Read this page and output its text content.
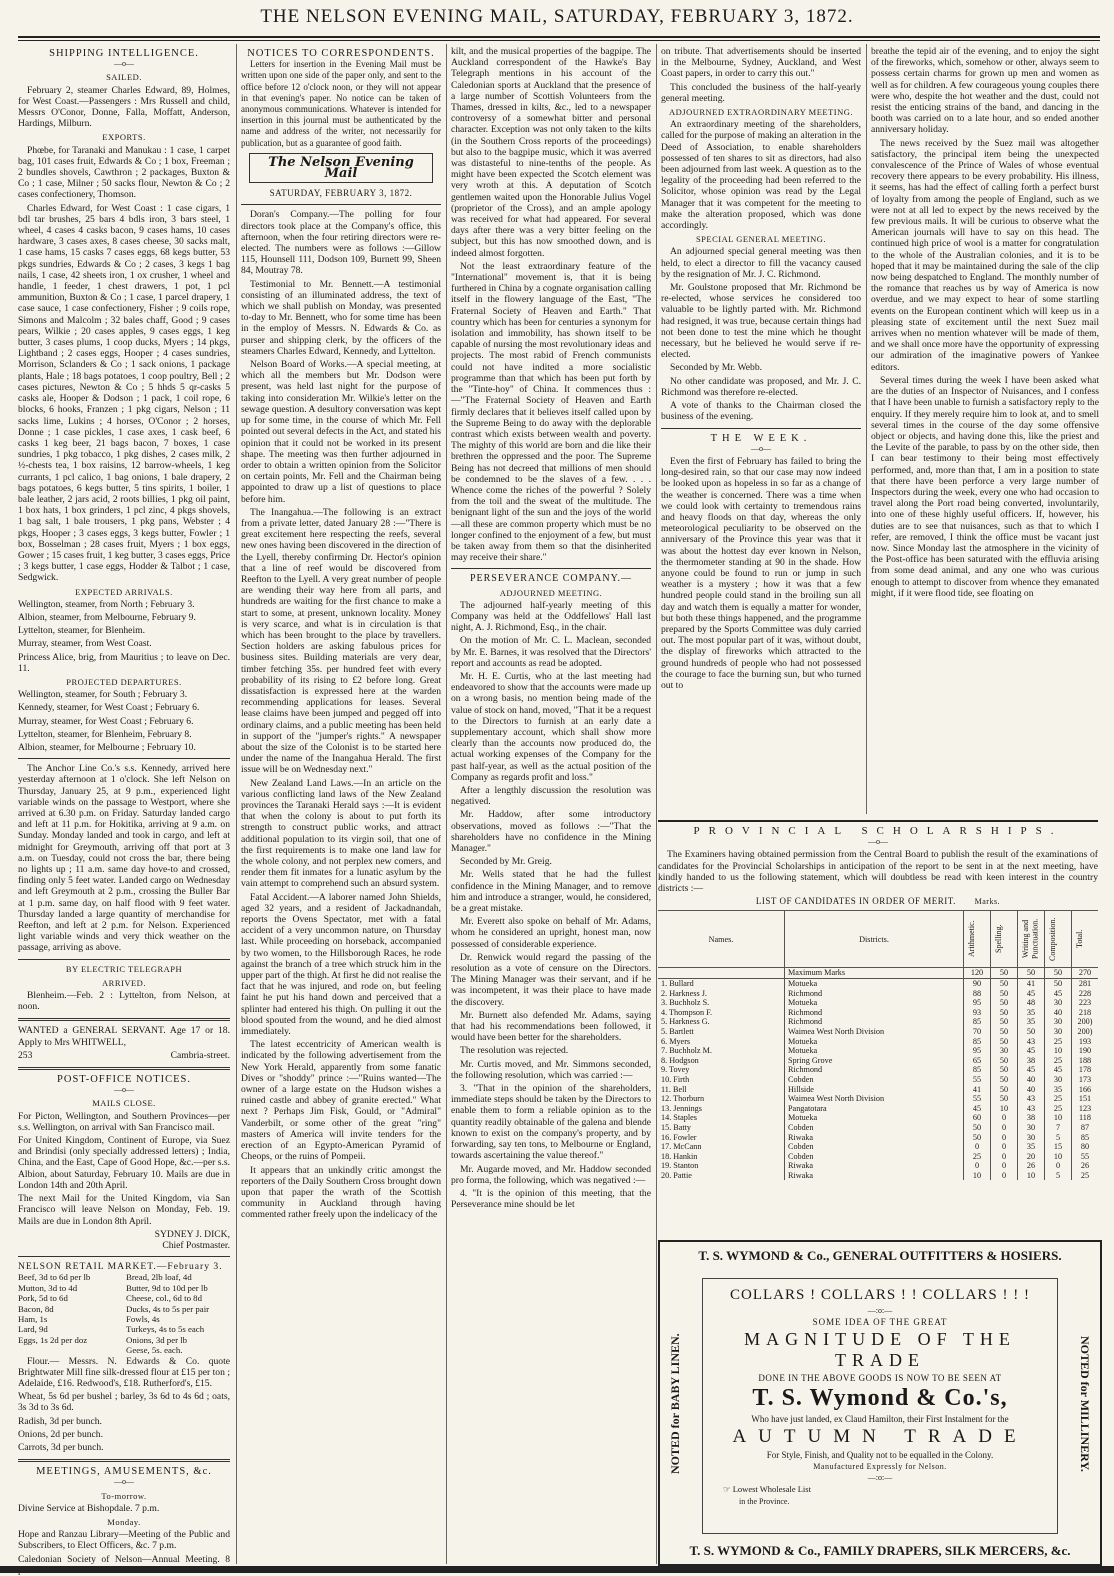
THE NELSON EVENING MAIL, SATURDAY, FEBRUARY 3, 1872.
SHIPPING INTELLIGENCE.
—o—
SAILED.

February 2, steamer Charles Edward, 89, Holmes, for West Coast.—Passengers : Mrs Russell and child, Messrs O'Conor, Donne, Falla, Moffatt, Anderson, Hardings, Milburn.

EXPORTS.

Phœbe, for Taranaki and Manukau : 1 case, 1 carpet bag, 101 cases fruit, Edwards & Co ; 1 box, Freeman ; 2 bundles shovels, Cawthron ; 2 packages, Buxton & Co ; 1 case, Milner ; 50 sacks flour, Newton & Co ; 2 cases confectionery, Thomson.

Charles Edward, for West Coast : 1 case cigars, 1 bdl tar brushes, 25 bars 4 bdls iron, 3 bars steel, 1 wheel, 4 cases 4 casks bacon, 9 cases hams, 10 cases hardware, 3 cases axes, 8 cases cheese, 30 sacks malt, 1 case hams, 15 casks 7 cases eggs, 68 kegs butter, 53 pkgs sundries, Edwards & Co ; 2 cases, 3 kegs 1 bag nails, 1 case, 42 sheets iron, 1 ox crusher, 1 wheel and handle, 1 feeder, 1 chest drawers, 1 pot, 1 pcl ammunition, Buxton & Co ; 1 case, 1 parcel drapery, 1 case sauce, 1 case confectionery, Fisher ; 9 coils rope, Simons and Malcolm ; 32 bales chaff, Good ; 9 cases pears, Wilkie ; 20 cases apples, 9 cases eggs, 1 keg butter, 3 cases plums, 1 coop ducks, Myers ; 14 pkgs, Lightband ; 2 cases eggs, Hooper ; 4 cases sundries, Morrison, Sclanders & Co ; 1 sack onions, 1 package plants, Hale ; 18 bags potatoes, 1 coop poultry, Bell ; 2 cases pictures, Newton & Co ; 5 hhds 5 qr-casks 5 casks ale, Hooper & Dodson ; 1 pack, 1 coil rope, 6 blocks, 6 hooks, Franzen ; 1 pkg cigars, Nelson ; 11 sacks lime, Lukins ; 4 horses, O'Conor ; 2 horses, Donne ; 1 case pickles, 1 case axes, 1 cask beef, 6 casks 1 keg beer, 21 bags bacon, 7 boxes, 1 case sundries, 1 pkg tobacco, 1 pkg dishes, 2 cases milk, 2 ½-chests tea, 1 box raisins, 12 barrow-wheels, 1 keg currants, 1 pcl calico, 1 bag onions, 1 bale drapery, 2 bags potatoes, 6 kegs butter, 5 tins spirits, 1 boiler, 1 bale leather, 2 jars acid, 2 roots billies, 1 pkg oil paint, 1 box hats, 1 box grinders, 1 pcl zinc, 4 pkgs shovels, 1 bag salt, 1 bale trousers, 1 pkg pans, Webster ; 4 pkgs, Hooper ; 3 cases eggs, 3 kegs butter, Fowler ; 1 box, Bosselman ; 28 cases fruit, Myers ; 1 box eggs, Gower ; 15 cases fruit, 1 keg butter, 3 cases eggs, Price ; 3 kegs butter, 1 case eggs, Hodder & Talbot ; 1 case, Sedgwick.

EXPECTED ARRIVALS.

Wellington, steamer, from North ; February 3.

Albion, steamer, from Melbourne, February 9.

Lyttelton, steamer, for Blenheim.

Murray, steamer, from West Coast.

Princess Alice, brig, from Mauritius ; to leave on Dec. 11.

PROJECTED DEPARTURES.

Wellington, steamer, for South ; February 3.

Kennedy, steamer, for West Coast ; February 6.

Murray, steamer, for West Coast ; February 6.

Lyttelton, steamer, for Blenheim, February 8.

Albion, steamer, for Melbourne ; February 10.

The Anchor Line Co.'s s.s. Kennedy, arrived here yesterday afternoon at 1 o'clock. She left Nelson on Thursday, January 25, at 9 p.m., experienced light variable winds on the passage to Westport, where she arrived at 6.30 p.m. on Friday. Saturday landed cargo and left at 11 p.m. for Hokitika, arriving at 9 a.m. on Sunday. Monday landed and took in cargo, and left at midnight for Greymouth, arriving off that port at 3 a.m. on Tuesday, could not cross the bar, there being no lights up ; 11 a.m. same day hove-to and crossed, finding only 5 feet water. Landed cargo on Wednesday and left Greymouth at 2 p.m., crossing the Buller Bar at 1 p.m. same day, on half flood with 9 feet water. Thursday landed a large quantity of merchandise for Reefton, and left at 2 p.m. for Nelson. Experienced light variable winds and very thick weather on the passage, arriving as above.

BY ELECTRIC TELEGRAPH
ARRIVED.

Blenheim.—Feb. 2 : Lyttelton, from Nelson, at noon.

WANTED a GENERAL SERVANT. Age 17 or 18. Apply to Mrs WHITWELL,

253	Cambria-street.
POST-OFFICE NOTICES.
—o—
MAILS CLOSE.

For Picton, Wellington, and Southern Provinces—per s.s. Wellington, on arrival with San Francisco mail.

For United Kingdom, Continent of Europe, via Suez and Brindisi (only specially addressed letters) ; India, China, and the East, Cape of Good Hope, &c.—per s.s. Albion, about Saturday, February 10. Mails are due in London 14th and 20th April.

The next Mail for the United Kingdom, via San Francisco will leave Nelson on Monday, Feb. 19. Mails are due in London 8th April.

SYDNEY J. DICK,
Chief Postmaster.
NELSON RETAIL MARKET.—February 3.
Beef, 3d to 6d per lb
Mutton, 3d to 4d
Pork, 5d to 6d
Bacon, 8d
Ham, 1s
Lard, 9d
Eggs, 1s 2d per doz
Bread, 2lb loaf, 4d
Butter, 9d to 10d per lb
Cheese, col., 6d to 8d
Ducks, 4s to 5s per pair
Fowls, 4s
Turkeys, 4s to 5s each
Onions, 3d per lb
Geese, 5s. each.

Flour.— Messrs. N. Edwards & Co. quote Brightwater Mill fine silk-dressed flour at £15 per ton ; Adelaide, £16. Redwood's, £18. Rutherford's, £15.

Wheat, 5s 6d per bushel ; barley, 3s 6d to 4s 6d ; oats, 3s 3d to 3s 6d.

Radish, 3d per bunch.

Onions, 2d per bunch.

Carrots, 3d per bunch.

MEETINGS, AMUSEMENTS, &c.
—o—
To-morrow.

Divine Service at Bishopdale. 7 p.m.

Monday.

Hope and Ranzau Library—Meeting of the Public and Subscribers, to Elect Officers, &c. 7 p.m.

Caledonian Society of Nelson—Annual Meeting. 8

NOTICES TO CORRESPONDENTS.

Letters for insertion in the Evening Mail must be written upon one side of the paper only, and sent to the office before 12 o'clock noon, or they will not appear in that evening's paper. No notice can be taken of anonymous communications. Whatever is intended for insertion in this journal must be authenticated by the name and address of the writer, not necessarily for publication, but as a guarantee of good faith.

The Nelson Evening Mail
SATURDAY, FEBRUARY 3, 1872.

Doran's Company.—The polling for four directors took place at the Company's office, this afternoon, when the four retiring directors were re-elected. The numbers were as follows :—Gillow 115, Hounsell 111, Dodson 109, Burnett 99, Sheen 84, Moutray 78.

Testimonial to Mr. Bennett.—A testimonial consisting of an illuminated address, the text of which we shall publish on Monday, was presented to-day to Mr. Bennett, who for some time has been in the employ of Messrs. N. Edwards & Co. as purser and shipping clerk, by the officers of the steamers Charles Edward, Kennedy, and Lyttelton.

Nelson Board of Works.—A special meeting, at which all the members but Mr. Dodson were present, was held last night for the purpose of taking into consideration Mr. Wilkie's letter on the sewage question. A desultory conversation was kept up for some time, in the course of which Mr. Fell pointed out several defects in the Act, and stated his opinion that it could not be worked in its present shape. The meeting was then further adjourned in order to obtain a written opinion from the Solicitor on certain points, Mr. Fell and the Chairman being appointed to draw up a list of questions to place before him.

The Inangahua.—The following is an extract from a private letter, dated January 28 :—"There is great excitement here respecting the reefs, several new ones having been discovered in the direction of the Lyell, thereby confirming Dr. Hector's opinion that a line of reef would be discovered from Reefton to the Lyell. A very great number of people are wending their way here from all parts, and hundreds are waiting for the first chance to make a start to some, at present, unknown locality. Money is very scarce, and what is in circulation is that which has been brought to the place by travellers. Section holders are asking fabulous prices for business sites. Building materials are very dear, timber fetching 35s. per hundred feet with every probability of its rising to £2 before long. Great dissatisfaction is expressed here at the warden recommending applications for leases. Several lease claims have been jumped and pegged off into ordinary claims, and a public meeting has been held in support of the "jumper's rights." A newspaper about the size of the Colonist is to be started here under the name of the Inangahua Herald. The first issue will be on Wednesday next."

New Zealand Land Laws.—In an article on the various conflicting land laws of the New Zealand provinces the Taranaki Herald says :—It is evident that when the colony is about to put forth its strength to construct public works, and attract additional population to its virgin soil, that one of the first requirements is to make one land law for the whole colony, and not perplex new comers, and render them fit inmates for a lunatic asylum by the vain attempt to comprehend such an absurd system.

Fatal Accident.—A laborer named John Shields, aged 32 years, and a resident of Jackadnandah, reports the Ovens Spectator, met with a fatal accident of a very uncommon nature, on Thursday last. While proceeding on horseback, accompanied by two women, to the Hillsborough Races, he rode against the branch of a tree which struck him in the upper part of the thigh. At first he did not realise the fact that he was injured, and rode on, but feeling faint he put his hand down and perceived that a splinter had entered his thigh. On pulling it out the blood spouted from the wound, and he died almost immediately.

The latest eccentricity of American wealth is indicated by the following advertisement from the New York Herald, apparently from some fanatic Dives or "shoddy" prince :—"Ruins wanted—The owner of a large estate on the Hudson wishes a ruined castle and abbey of granite erected." What next ? Perhaps Jim Fisk, Gould, or "Admiral" Vanderbilt, or some other of the great "ring" masters of America will invite tenders for the erection of an Egypto-American Pyramid of Cheops, or the ruins of Pompeii.

It appears that an unkindly critic amongst the reporters of the Daily Southern Cross brought down upon that paper the wrath of the Scottish community in Auckland through having commented rather freely upon the indelicacy of the

kilt, and the musical properties of the bagpipe. The Auckland correspondent of the Hawke's Bay Telegraph mentions in his account of the Caledonian sports at Auckland that the presence of a large number of Scottish Volunteers from the Thames, dressed in kilts, &c., led to a newspaper controversy of a somewhat bitter and personal character. Exception was not only taken to the kilts (in the Southern Cross reports of the proceedings) but also to the bagpipe music, which it was averred was distasteful to nine-tenths of the people. As might have been expected the Scotch element was very wroth at this. A deputation of Scotch gentlemen waited upon the Honorable Julius Vogel (proprietor of the Cross), and an ample apology was received for what had appeared. For several days after there was a very bitter feeling on the subject, but this has now smoothed down, and is indeed almost forgotten.

Not the least extraordinary feature of the "International" movement is, that it is being furthered in China by a cognate organisation calling itself in the flowery language of the East, "The Fraternal Society of Heaven and Earth." That country which has been for centuries a synonym for isolation and immobility, has shown itself to be capable of nursing the most revolutionary ideas and projects. The most rabid of French communists could not have indited a more socialistic programme than that which has been put forth by the "Tinte-hoy" of China. It commences thus :—"The Fraternal Society of Heaven and Earth firmly declares that it believes itself called upon by the Supreme Being to do away with the deplorable contrast which exists between wealth and poverty. The mighty of this world are born and die like their brethren the oppressed and the poor. The Supreme Being has not decreed that millions of men should be condemned to be the slaves of a few. . . . Whence come the riches of the powerful ? Solely from the toil and the sweat of the multitude. The benignant light of the sun and the joys of the world—all these are common property which must be no longer confined to the enjoyment of a few, but must be taken away from them so that the disinherited may receive their share."

PERSEVERANCE COMPANY.—
ADJOURNED MEETING.

The adjourned half-yearly meeting of this Company was held at the Oddfellows' Hall last night, A. J. Richmond, Esq., in the chair.

On the motion of Mr. C. L. Maclean, seconded by Mr. E. Barnes, it was resolved that the Directors' report and accounts as read be adopted.

Mr. H. E. Curtis, who at the last meeting had endeavored to show that the accounts were made up on a wrong basis, no mention being made of the value of stock on hand, moved, "That it be a request to the Directors to furnish at an early date a supplementary account, which shall show more clearly than the accounts now produced do, the actual working expenses of the Company for the past half-year, as well as the actual position of the Company as regards profit and loss."

After a lengthly discussion the resolution was negatived.

Mr. Haddow, after some introductory observations, moved as follows :—"That the shareholders have no confidence in the Mining Manager."

Seconded by Mr. Greig.

Mr. Wells stated that he had the fullest confidence in the Mining Manager, and to remove him and introduce a stranger, would, he considered, be a great mistake.

Mr. Everett also spoke on behalf of Mr. Adams, whom he considered an upright, honest man, now possessed of considerable experience.

Dr. Renwick would regard the passing of the resolution as a vote of censure on the Directors. The Mining Manager was their servant, and if he was incompetent, it was their place to have made the discovery.

Mr. Burnett also defended Mr. Adams, saying that had his recommendations been followed, it would have been better for the shareholders.

The resolution was rejected.

Mr. Curtis moved, and Mr. Simmons seconded, the following resolution, which was carried :—

3. "That in the opinion of the shareholders, immediate steps should be taken by the Directors to enable them to form a reliable opinion as to the quantity readily obtainable of the galena and blende known to exist on the company's property, and by forwarding, say ten tons, to Melbourne or England, towards ascertaining the value thereof."

Mr. Augarde moved, and Mr. Haddow seconded pro forma, the following, which was negatived :—

4. "It is the opinion of this meeting, that the Perseverance mine should be let

on tribute. That advertisements should be inserted in the Melbourne, Sydney, Auckland, and West Coast papers, in order to carry this out."

This concluded the business of the half-yearly general meeting.

ADJOURNED EXTRAORDINARY MEETING.

An extraordinary meeting of the shareholders, called for the purpose of making an alteration in the Deed of Association, to enable shareholders possessed of ten shares to sit as directors, had also been adjourned from last week. A question as to the legality of the proceeding had been referred to the Solicitor, whose opinion was read by the Legal Manager that it was competent for the meeting to make the alteration proposed, which was done accordingly.

SPECIAL GENERAL MEETING.

An adjourned special general meeting was then held, to elect a director to fill the vacancy caused by the resignation of Mr. J. C. Richmond.

Mr. Goulstone proposed that Mr. Richmond be re-elected, whose services he considered too valuable to be lightly parted with. Mr. Richmond had resigned, it was true, because certain things had not been done to test the mine which he thought necessary, but he believed he would serve if re-elected.

Seconded by Mr. Webb.

No other candidate was proposed, and Mr. J. C. Richmond was therefore re-elected.

A vote of thanks to the Chairman closed the business of the evening.

THE WEEK.
—o—

Even the first of February has failed to bring the long-desired rain, so that our case may now indeed be looked upon as hopeless in so far as a change of the weather is concerned. There was a time when we could look with certainty to tremendous rains and heavy floods on that day, whereas the only meteorological peculiarity to be observed on the anniversary of the Province this year was that it was about the hottest day ever known in Nelson, the thermometer standing at 90 in the shade. How anyone could be found to run or jump in such weather is a mystery ; how it was that a few hundred people could stand in the broiling sun all day and watch them is equally a matter for wonder, but both these things happened, and the programme prepared by the Sports Committee was duly carried out. The most popular part of it was, without doubt, the display of fireworks which attracted to the ground hundreds of people who had not possessed the courage to face the burning sun, but who turned out to

breathe the tepid air of the evening, and to enjoy the sight of the fireworks, which, somehow or other, always seem to possess certain charms for grown up men and women as well as for children. A few courageous young couples there were who, despite the hot weather and the dust, could not resist the enticing strains of the band, and dancing in the booth was carried on to a late hour, and so ended another anniversary holiday.

The news received by the Suez mail was altogether satisfactory, the principal item being the unexpected convalescence of the Prince of Wales of whose eventual recovery there appears to be every probability. His illness, it seems, has had the effect of calling forth a perfect burst of loyalty from among the people of England, such as we were not at all led to expect by the news received by the few previous mails. It will be curious to observe what the American journals will have to say on this head. The continued high price of wool is a matter for congratulation to the whole of the Australian colonies, and it is to be hoped that it may be maintained during the sale of the clip now being despatched to England. The monthly number of the romance that reaches us by way of America is now overdue, and we may expect to hear of some startling events on the European continent which will keep us in a pleasing state of excitement until the next Suez mail arrives when no mention whatever will be made of them, and we shall once more have the opportunity of expressing our admiration of the imaginative powers of Yankee editors.

Several times during the week I have been asked what are the duties of an Inspector of Nuisances, and I confess that I have been unable to furnish a satisfactory reply to the enquiry. If they merely require him to look at, and to smell several times in the course of the day some offensive object or objects, and having done this, like the priest and the Levite of the parable, to pass by on the other side, then I can bear testimony to their being most effectively performed, and, more than that, I am in a position to state that there have been perforce a very large number of Inspectors during the week, every one who had occasion to travel along the Port road being converted, involuntarily, into one of these highly useful officers. If, however, his duties are to see that nuisances, such as that to which I refer, are removed, I think the office must be vacant just now. Since Monday last the atmosphere in the vicinity of the Post-office has been saturated with the effluvia arising from some dead animal, and any one who was curious enough to attempt to discover from whence they emanated might, if it were flood tide, see floating on

PROVINCIAL SCHOLARSHIPS.
—o—

The Examiners having obtained permission from the Central Board to publish the result of the examinations of candidates for the Provincial Scholarships in anticipation of the report to be sent in at the next meeting, have kindly handed to us the following statement, which will doubtless be read with keen interest in the country districts :—

LIST OF CANDIDATES IN ORDER OF MERIT. Marks.
Names.	Districts.	Arithmetic.	Spelling.	Writing and Punctuation.	Composition.	Total.

	Maximum Marks	120	50	50	50	270
1. Bullard	Motueka	90	50	41	50	281
2. Harkness J.	Richmond	88	50	45	45	228
3. Buchholz S.	Motueka	95	50	48	30	223
4. Thompson F.	Richmond	93	50	35	40	218
5. Harkness G.	Richmond	85	50	35	30	200)
5. Bartlett	Waimea West North Division	70	50	50	30	200)
6. Myers	Motueka	85	50	43	25	193
7. Buchholz M.	Motueka	95	30	45	10	190
8. Hodgson	Spring Grove	65	50	38	25	188
9. Tovey	Richmond	85	50	45	45	178
10. Firth	Cobden	55	50	40	30	173
11. Bell	Hillside	41	50	40	35	166
12. Thorburn	Waimea West North Division	55	50	43	25	151
13. Jennings	Pangatotara	45	10	43	25	123
14. Staples	Motueka	60	0	38	10	118
15. Batty	Cobden	50	0	30	7	87
16. Fowler	Riwaka	50	0	30	5	85
17. McCann	Cobden	0	0	35	15	80
18. Hankin	Cobden	25	0	20	10	55
19. Stanton	Riwaka	0	0	26	0	26
20. Pattie	Riwaka	10	0	10	5	25
T. S. WYMOND & Co., GENERAL OUTFITTERS & HOSIERS.
NOTED for BABY LINEN.	NOTED for MILLINERY.
COLLARS ! COLLARS ! ! COLLARS ! ! !
—:o:—
SOME IDEA OF THE GREAT
MAGNITUDE OF THE TRADE
DONE IN THE ABOVE GOODS IS NOW TO BE SEEN AT
T. S. Wymond & Co.'s,
Who have just landed, ex Claud Hamilton, their First Instalment for the
AUTUMN TRADE
For Style, Finish, and Quality not to be equalled in the Colony.
Manufactured Expressly for Nelson.
—:o:—
☞ Lowest Wholesale List
in the Province.
T. S. WYMOND & Co., FAMILY DRAPERS, SILK MERCERS, &c.
